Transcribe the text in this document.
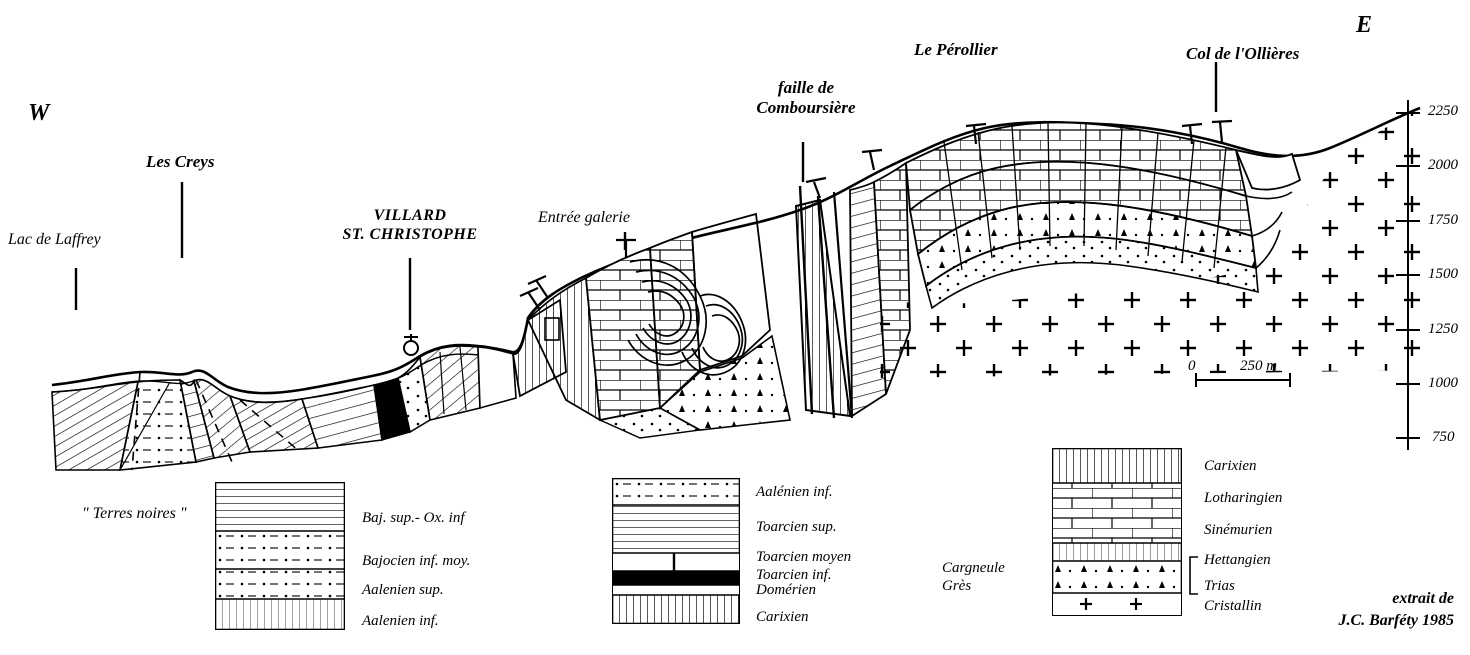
W
E
Lac de Laffrey
Les Creys
VILLARD
ST. CHRISTOPHE
Entrée galerie
faille de
Comboursière
Le Pérollier	Col de l'Ollières
2250
2000
1750
1500
1250
1000
750
0	250 m
" Terres noires "	Baj. sup.- Ox. inf
Bajocien inf. moy.
Aalenien sup.
Aalenien inf.
Aalénien inf.
Toarcien sup.
Toarcien moyen
Toarcien inf.
Domérien
Carixien
Carixien
Lotharingien
Sinémurien
Hettangien
Trias
Cristallin
Cargneule
Grès
extrait de
J.C. Barféty 1985
